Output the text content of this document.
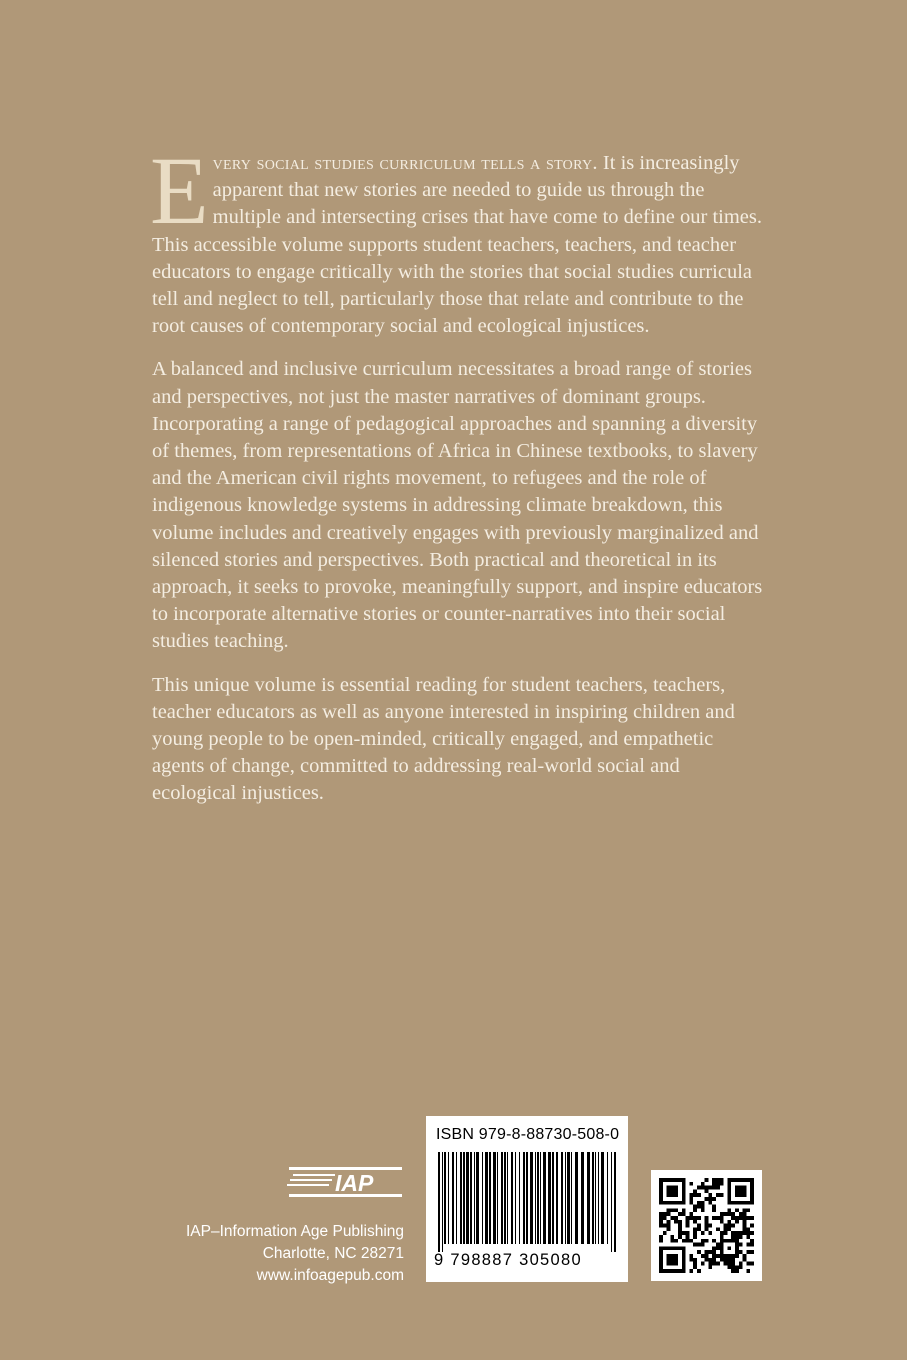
Every social studies curriculum tells a story. It is increasingly apparent that new stories are needed to guide us through the multiple and intersecting crises that have come to define our times. This accessible volume supports student teachers, teachers, and teacher educators to engage critically with the stories that social studies curricula tell and neglect to tell, particularly those that relate and contribute to the root causes of contemporary social and ecological injustices.

A balanced and inclusive curriculum necessitates a broad range of stories and perspectives, not just the master narratives of dominant groups. Incorporating a range of pedagogical approaches and spanning a diversity of themes, from representations of Africa in Chinese textbooks, to slavery and the American civil rights movement, to refugees and the role of indigenous knowledge systems in addressing climate breakdown, this volume includes and creatively engages with previously marginalized and silenced stories and perspectives. Both practical and theoretical in its approach, it seeks to provoke, meaningfully support, and inspire educators to incorporate alternative stories or counter-narratives into their social studies teaching.

This unique volume is essential reading for student teachers, teachers, teacher educators as well as anyone interested in inspiring children and young people to be open-minded, critically engaged, and empathetic agents of change, committed to addressing real-world social and ecological injustices.

IAP
IAP–Information Age Publishing
Charlotte, NC 28271
www.infoagepub.com
ISBN 979-8-88730-508-0
9 798887 305080
